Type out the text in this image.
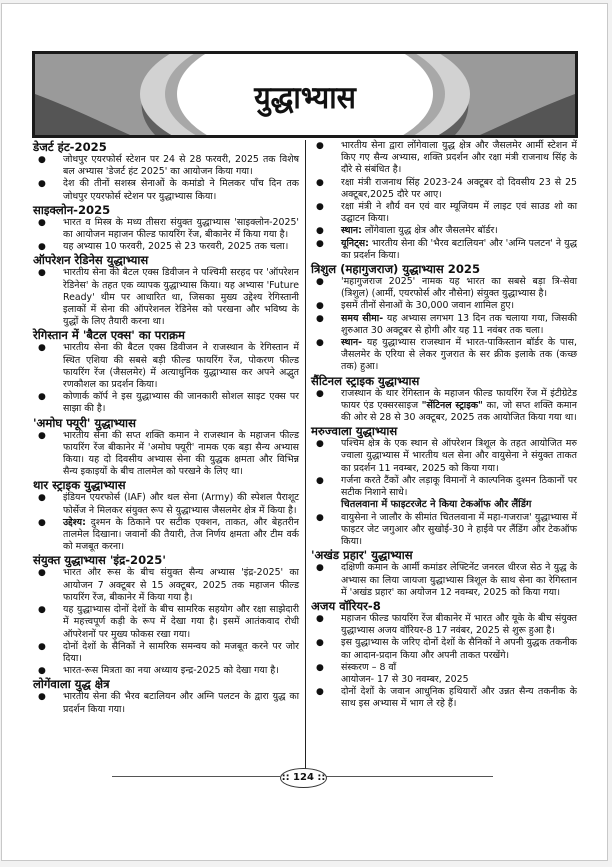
युद्धाभ्यास
डेजर्ट हंट-2025
● जोधपुर एयरफोर्स स्टेशन पर 24 से 28 फरवरी, 2025 तक विशेष बल अभ्यास 'डेजर्ट हंट 2025' का आयोजन किया गया।
● देश की तीनों सशस्त्र सेनाओं के कमांडो ने मिलकर पाँच दिन तक जोधपुर एयरफोर्स स्टेशन पर युद्धाभ्यास किया।
साइक्लोन-2025
● भारत व मिस्त्र के मध्य तीसरा संयुक्त युद्धाभ्यास 'साइक्लोन-2025' का आयोजन महाजन फील्ड फायरिंग रेंज, बीकानेर में किया गया है।
● यह अभ्यास 10 फरवरी, 2025 से 23 फरवरी, 2025 तक चला।
ऑपरेशन रेडिनेस युद्धाभ्यास
● भारतीय सेना की बैटल एक्स डिवीजन ने पश्चिमी सरहद पर 'ऑपरेशन रेडिनेस' के तहत एक व्यापक युद्धाभ्यास किया। यह अभ्यास 'Future Ready' थीम पर आधारित था, जिसका मुख्य उद्देश्य रेगिस्तानी इलाकों में सेना की ऑपरेशनल रेडिनेस को परखना और भविष्य के युद्धों के लिए तैयारी करना था।
रेगिस्तान में 'बैटल एक्स' का पराक्रम
● भारतीय सेना की बैटल एक्स डिवीजन ने राजस्थान के रेगिस्तान में स्थित एशिया की सबसे बड़ी फील्ड फायरिंग रेंज, पोकरण फील्ड फायरिंग रेंज (जैसलमेर) में अत्याधुनिक युद्धाभ्यास कर अपने अद्भुत रणकौशल का प्रदर्शन किया।
● कोणार्क कॉर्प ने इस युद्धाभ्यास की जानकारी सोशल साइट एक्स पर साझा की है।
'अमोघ फ्यूरी' युद्धाभ्यास
● भारतीय सेना की सप्त शक्ति कमान ने राजस्थान के महाजन फील्ड फायरिंग रेंज बीकानेर में 'अमोघ फ्यूरी' नामक एक बड़ा सैन्य अभ्यास किया। यह दो दिवसीय अभ्यास सेना की युद्धक क्षमता और विभिन्न सैन्य इकाइयों के बीच तालमेल को परखने के लिए था।
थार स्ट्राइक युद्धाभ्यास
● इंडियन एयरफोर्स (IAF) और थल सेना (Army) की स्पेशल पैराशूट फोर्सेज ने मिलकर संयुक्त रूप से युद्धाभ्यास जैसलमेर क्षेत्र में किया है।
● उद्देश्य: दुश्मन के ठिकाने पर सटीक एक्शन, ताकत, और बेहतरीन तालमेल दिखाना। जवानों की तैयारी, तेज निर्णय क्षमता और टीम वर्क को मजबूत करना।
संयुक्त युद्धाभ्यास 'इंद्र-2025'
● भारत और रूस के बीच संयुक्त सैन्य अभ्यास 'इंद्र-2025' का आयोजन 7 अक्टूबर से 15 अक्टूबर, 2025 तक महाजन फील्ड फायरिंग रेंज, बीकानेर में किया गया है।
● यह युद्धाभ्यास दोनों देशों के बीच सामरिक सहयोग और रक्षा साझेदारी में महत्त्वपूर्ण कड़ी के रूप में देखा गया है। इसमें आतंकवाद रोधी ऑपरेशनों पर मुख्य फोकस रखा गया।
● दोनों देशों के सैनिकों ने सामरिक समन्वय को मजबूत करने पर जोर दिया।
● भारत-रूस मित्रता का नया अध्याय इन्द्र-2025 को देखा गया है।
लोगेंवाला युद्ध क्षेत्र
● भारतीय सेना की भैरव बटालियन और अग्नि पलटन के द्वारा युद्ध का प्रदर्शन किया गया।
● भारतीय सेना द्वारा लोंगेवाला युद्ध क्षेत्र और जैसलमेर आर्मी स्टेशन में किए गए सैन्य अभ्यास, शक्ति प्रदर्शन और रक्षा मंत्री राजनाथ सिंह के दौरे से संबंधित है।
● रक्षा मंत्री राजनाथ सिंह 2023-24 अक्टूबर दो दिवसीय 23 से 25 अक्टूबर,2025 दौरे पर आए।
● रक्षा मंत्री ने शौर्य वन एवं वार म्यूजियम में लाइट एवं साउड शो का उद्घाटन किया।
● स्थान: लोंगेवाला युद्ध क्षेत्र और जैसलमेर बॉर्डर।
● यूनिट्स: भारतीय सेना की 'भैरव बटालियन' और 'अग्नि पलटन' ने युद्ध का प्रदर्शन किया।
त्रिशुल (महागुजराज) युद्धाभ्यास 2025
● 'महागुजराज 2025' नामक यह भारत का सबसे बड़ा त्रि-सेवा (त्रिशुल) (आर्मी, एयरफोर्स और नौसेना) संयुक्त युद्धाभ्यास है।
● इसमें तीनों सेनाओं के 30,000 जवान शामिल हुए।
● समय सीमा- यह अभ्यास लगभग 13 दिन तक चलाया गया, जिसकी शुरुआत 30 अक्टूबर से होगी और यह 11 नवंबर तक चला।
● स्थान- यह युद्धाभ्यास राजस्थान में भारत-पाकिस्तान बॉर्डर के पास, जैसलमेर के एरिया से लेकर गुजरात के सर क्रीक इलाके तक (कच्छ तक) हुआ।
सैंटिनल स्ट्राइक युद्धाभ्यास
● राजस्थान के थार रेगिस्तान के महाजन फील्ड फायरिंग रेंज में इंटीग्रेटेड फायर एंड एक्सरसाइज "सेंटिनल स्ट्राइक" का, जो सप्त शक्ति कमान की ओर से 28 से 30 अक्टूबर, 2025 तक आयोजित किया गया था।
मरुज्वाला युद्धाभ्यास
● पश्चिम क्षेत्र के एक स्थान से ऑपरेशन त्रिशूल के तहत आयोजित मरु ज्वाला युद्धाभ्यास में भारतीय थल सेना और वायुसेना ने संयुक्त ताकत का प्रदर्शन 11 नवम्बर, 2025 को किया गया।
● गर्जना करते टैंकों और लड़ाकू विमानों ने काल्पनिक दुश्मन ठिकानों पर सटीक निशाने साधे।
चितलवाना में फाइटरजेट ने किया टेकऑफ और लैंडिंग
● वायुसेना ने जालौर के सीमांत चितलवाना में महा-गजराज' युद्धाभ्यास में फाइटर जेट जगुआर और सुखोई-30 ने हाईवे पर लैंडिंग और टेकऑफ किया।
'अखंड प्रहार' युद्धाभ्यास
● दक्षिणी कमान के आर्मी कमांडर लेफ्टिनेंट जनरल धीरज सेठ ने युद्ध के अभ्यास का लिया जायजा युद्धाभ्यास त्रिशूल के साथ सेना का रेगिस्तान में 'अखंड प्रहार' का अयोजन 12 नवम्बर, 2025 को किया गया।
अजय वॉरियर-8
● महाजन फील्ड फायरिंग रेंज बीकानेर में भारत और यूके के बीच संयुक्त युद्धाभ्यास अजय वॉरियर-8 17 नवंबर, 2025 से शुरू हुआ है।
● इस युद्धाभ्यास के जरिए दोनों देशों के सैनिकों ने अपनी युद्धक तकनीक का आदान-प्रदान किया और अपनी ताकत परखेंगे।
● संस्करण – 8 वाँ
आयोजन- 17 से 30 नवम्बर, 2025
● दोनों देशों के जवान आधुनिक हथियारों और उन्नत सैन्य तकनीक के साथ इस अभ्यास में भाग ले रहे हैं।
:: 124 ::
